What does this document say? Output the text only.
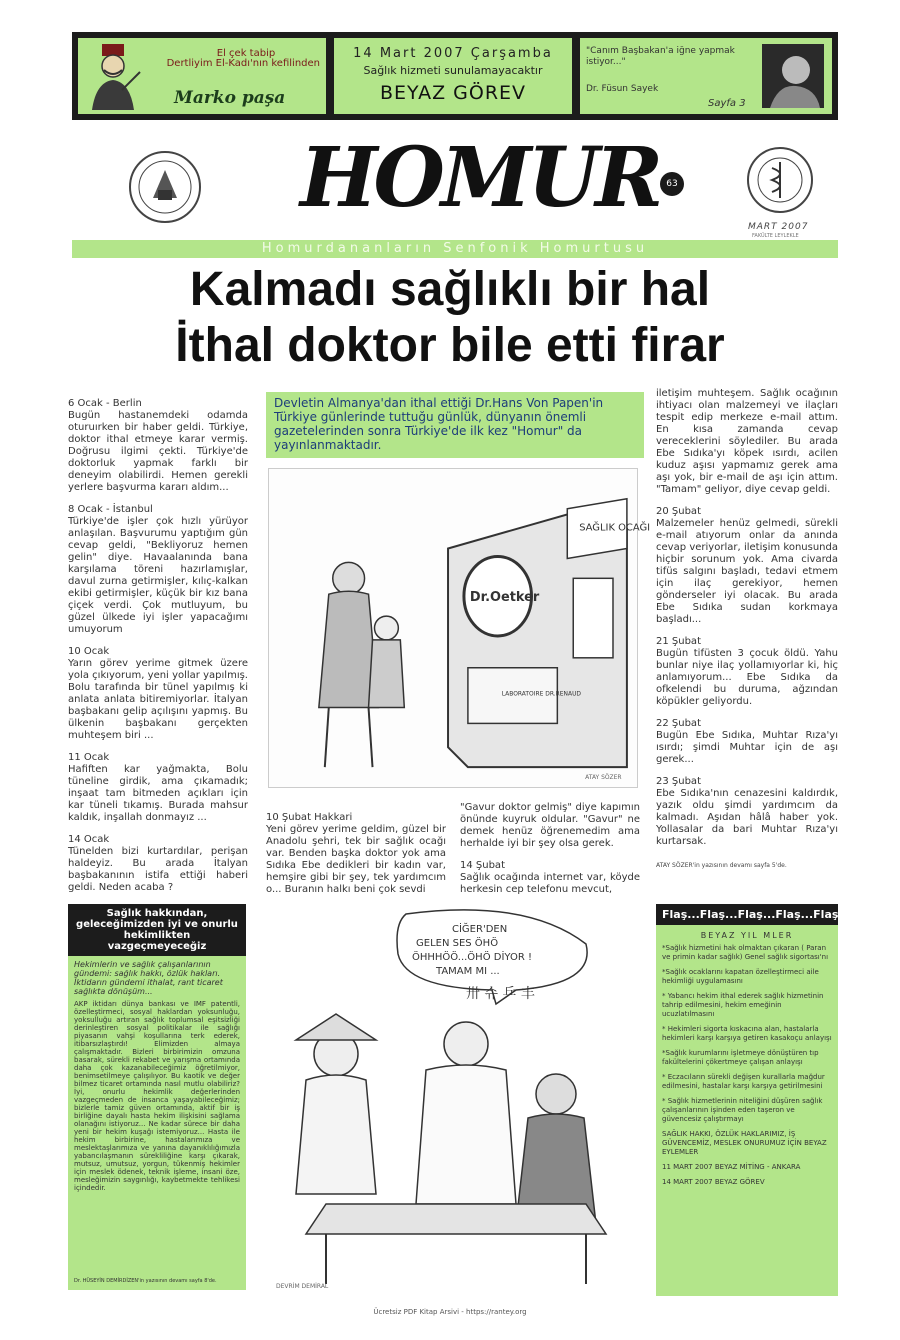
El çek tabip
Dertliyim El-Kadı'nın kefilinden
Marko paşa
14 Mart 2007 Çarşamba
Sağlık hizmeti sunulamayacaktır
BEYAZ GÖREV
"Canım Başbakan'a iğne yapmak istiyor..."
Dr. Füsun Sayek
Sayfa 3
HOMUR 63
MART 2007
FAKÜLTE LEYLEKLE
Homurdananların Senfonik Homurtusu
Kalmadı sağlıklı bir hal
İthal doktor bile etti firar
6 Ocak - Berlin
Bugün hastanemdeki odamda oturuırken bir haber geldi. Türkiye, doktor ithal etmeye karar vermiş. Doğrusu ilgimi çekti. Türkiye'de doktorluk yapmak farklı bir deneyim olabilirdi. Hemen gerekli yerlere başvurma kararı aldım...
8 Ocak - İstanbul
Türkiye'de işler çok hızlı yürüyor anlaşılan. Başvurumu yaptığım gün cevap geldi, "Bekliyoruz hemen gelin" diye. Havaalanında bana karşılama töreni hazırlamışlar, davul zurna getirmişler, kılıç-kalkan ekibi getirmişler, küçük bir kız bana çiçek verdi. Çok mutluyum, bu güzel ülkede iyi işler yapacağımı umuyorum
10 Ocak
Yarın görev yerime gitmek üzere yola çıkıyorum, yeni yollar yapılmış. Bolu tarafında bir tünel yapılmış ki anlata anlata bitiremiyorlar. İtalyan başbakanı gelip açılışını yapmış. Bu ülkenin başbakanı gerçekten muhteşem biri ...
11 Ocak
Hafiften kar yağmakta, Bolu tüneline girdik, ama çıkamadık; inşaat tam bitmeden açıkları için kar tüneli tıkamış. Burada mahsur kaldık, inşallah donmayız ...
14 Ocak
Tünelden bizi kurtardılar, perişan haldeyiz. Bu arada İtalyan başbakanının istifa ettiği haberi geldi. Neden acaba ?

Devletin Almanya'dan ithal ettiği Dr.Hans Von Papen'in Türkiye günlerinde tuttuğu günlük, dünyanın önemli gazetelerinden sonra Türkiye'de ilk kez "Homur" da yayınlanmaktadır.

SAĞLIK OCAĞI
Dr.Oetker
LABORATOIRE DR.RENAUD
ATAY SÖZER
10 Şubat Hakkari
Yeni görev yerime geldim, güzel bir Anadolu şehri, tek bir sağlık ocağı var. Benden başka doktor yok ama Sıdıka Ebe dedikleri bir kadın var, hemşire gibi bir şey, tek yardımcım o... Buranın halkı beni çok sevdi
"Gavur doktor gelmiş" diye kapımın önünde kuyruk oldular. "Gavur" ne demek henüz öğrenemedim ama herhalde iyi bir şey olsa gerek.
14 Şubat
Sağlık ocağında internet var, köyde herkesin cep telefonu mevcut,
iletişim muhteşem. Sağlık ocağının ihtiyacı olan malzemeyi ve ilaçları tespit edip merkeze e-mail attım. En kısa zamanda cevap vereceklerini söylediler. Bu arada Ebe Sıdıka'yı köpek ısırdı, acilen kuduz aşısı yapmamız gerek ama aşı yok, bir e-mail de aşı için attım. "Tamam" geliyor, diye cevap geldi.
20 Şubat
Malzemeler henüz gelmedi, sürekli e-mail atıyorum onlar da anında cevap veriyorlar, iletişim konusunda hiçbir sorunum yok. Ama civarda tifüs salgını başladı, tedavi etmem için ilaç gerekiyor, hemen gönderseler iyi olacak. Bu arada Ebe Sıdıka sudan korkmaya başladı...
21 Şubat
Bugün tifüsten 3 çocuk öldü. Yahu bunlar niye ilaç yollamıyorlar ki, hiç anlamıyorum... Ebe Sıdıka da ofkelendi bu duruma, ağzından köpükler geliyordu.
22 Şubat
Bugün Ebe Sıdıka, Muhtar Rıza'yı ısırdı; şimdi Muhtar için de aşı gerek...
23 Şubat
Ebe Sıdıka'nın cenazesini kaldırdık, yazık oldu şimdi yardımcım da kalmadı. Aşıdan hâlâ haber yok. Yollasalar da bari Muhtar Rıza'yı kurtarsak.
ATAY SÖZER'in yazısının devamı sayfa 5'de.
Sağlık hakkından, geleceğimizden iyi ve onurlu hekimlikten vazgeçmeyeceğiz
Hekimlerin ve sağlık çalışanlarının gündemi: sağlık hakkı, özlük hakları. İktidarın gündemi ithalat, rant ticaret sağlıkta dönüşüm...
AKP iktidarı dünya bankası ve IMF patentli, özelleştirmeci, sosyal haklardan yoksunluğu, yoksulluğu artıran sağlık toplumsal eşitsizliği derinleştiren sosyal politikalar ile sağlığı piyasanın vahşi koşullarına terk ederek, itibarsızlaştırdı! Elimizden almaya çalışmaktadır. Bizleri birbirimizin omzuna basarak, sürekli rekabet ve yarışma ortamında daha çok kazanabileceğimiz öğretilmiyor, benimsetilmeye çalışılıyor. Bu kaotik ve değer bilmez ticaret ortamında nasıl mutlu olabiliriz? İyi, onurlu hekimlik değerlerinden vazgeçmeden de insanca yaşayabileceğimiz; bizlerle tamiz güven ortamında, aktif bir iş birliğine dayalı hasta hekim ilişkisini sağlama olanağını istiyoruz... Ne kadar sürece bir daha yeni bir hekim kuşağı istemiyoruz... Hasta ile hekim birbirine, hastalarımıza ve meslektaşlarımıza ve yanına dayanıklılığımızla yabancılaşmanın sürekliliğine karşı çıkarak, mutsuz, umutsuz, yorgun, tükenmiş hekimler için meslek ödenek, teknik işleme, insani öze, mesleğimizin saygınlığı, kaybetmekte tehlikesi içindedir.
Dr. HÜSEYİN DEMİRDİZEN'in yazısının devamı sayfa 8'de.
CİĞER'DEN
GELEN SES ÖHÖ
ÖHHHÖÖ...ÖHÖ DİYOR !
TAMAM MI ...
卅 슈 乒 丰
DEVRİM DEMİRAL
Flaş...Flaş...Flaş...Flaş...Flaş...Fla
BEYAZ YIL MLER
*Sağlık hizmetini hak olmaktan çıkaran ( Paran ve primin kadar sağlık) Genel sağlık sigortası'nı
*Sağlık ocaklarını kapatan özelleştirmeci aile hekimliği uygulamasını
* Yabancı hekim ithal ederek sağlık hizmetinin tahrip edilmesini, hekim emeğinin ucuzlatılmasını
* Hekimleri sigorta kıskacına alan, hastalarla hekimleri karşı karşıya getiren kasakoçu anlayışı
*Sağlık kurumlarını işletmeye dönüştüren tıp fakültelerini çökertmeye çalışan anlayışı
* Eczacıların sürekli değişen kurallarla mağdur edilmesini, hastalar karşı karşıya getirilmesini
* Sağlık hizmetlerinin niteliğini düşüren sağlık çalışanlarının işinden eden taşeron ve güvencesiz çalıştırmayı
SAĞLIK HAKKI, ÖZLÜK HAKLARIMIZ, İŞ GÜVENCEMİZ, MESLEK ONURUMUZ İÇİN BEYAZ EYLEMLER
11 MART 2007 BEYAZ MİTİNG - ANKARA
14 MART 2007 BEYAZ GÖREV
Ücretsiz PDF Kitap Arsivi - https://rantey.org
